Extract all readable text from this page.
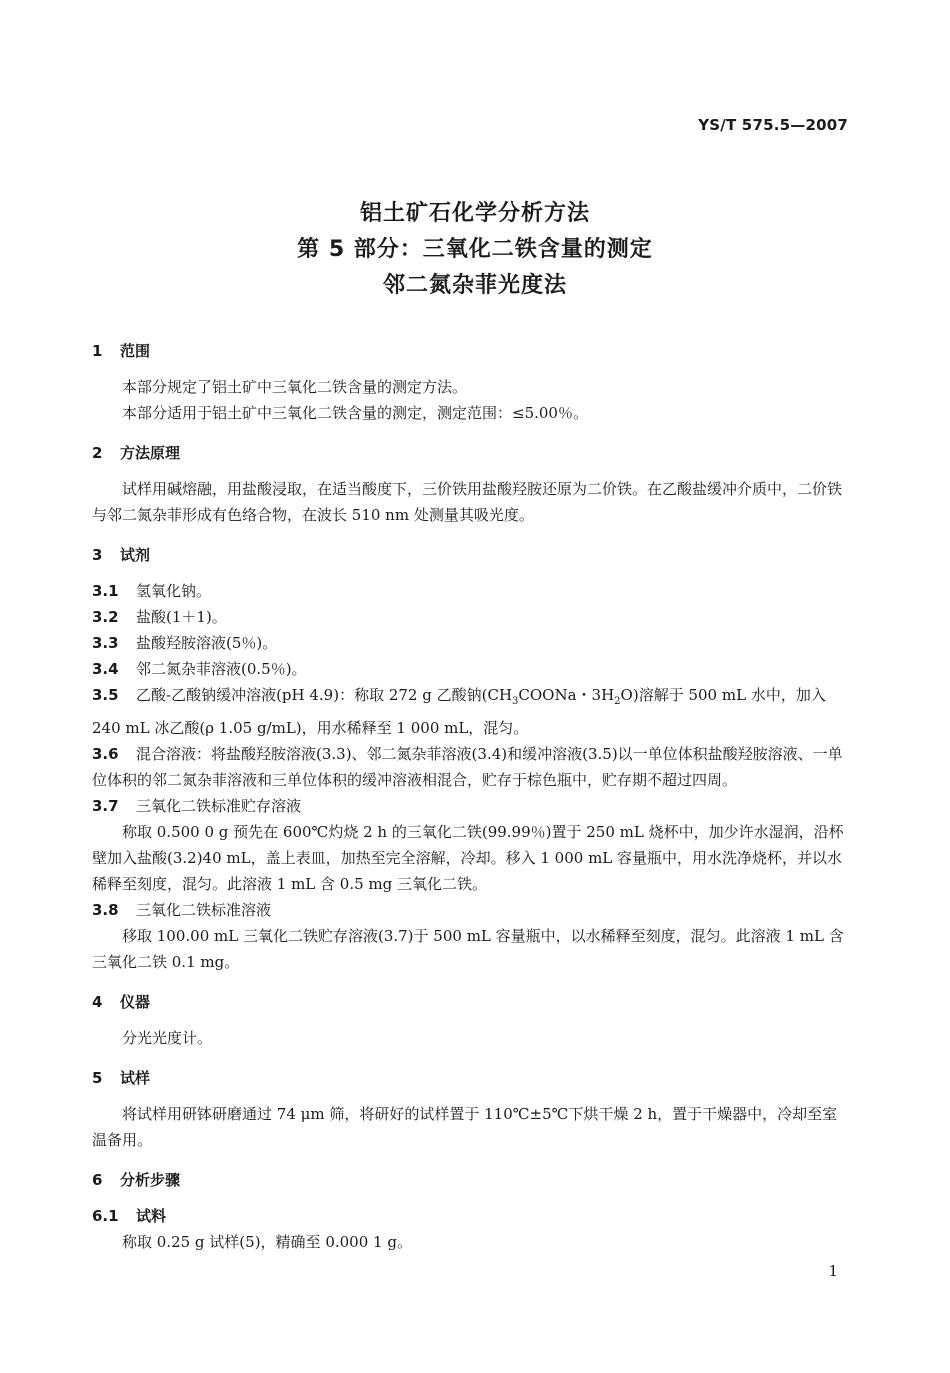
YS/T 575.5—2007
铝土矿石化学分析方法
第 5 部分：三氧化二铁含量的测定
邻二氮杂菲光度法
1 范围

本部分规定了铝土矿中三氧化二铁含量的测定方法。

本部分适用于铝土矿中三氧化二铁含量的测定，测定范围：≤5.00％。

2 方法原理

试样用碱熔融，用盐酸浸取，在适当酸度下，三价铁用盐酸羟胺还原为二价铁。在乙酸盐缓冲介质中，二价铁与邻二氮杂菲形成有色络合物，在波长 510 nm 处测量其吸光度。

3 试剂

3.1 氢氧化钠。

3.2 盐酸(1＋1)。

3.3 盐酸羟胺溶液(5％)。

3.4 邻二氮杂菲溶液(0.5％)。

3.5 乙酸-乙酸钠缓冲溶液(pH 4.9)：称取 272 g 乙酸钠($CH_3COONa$・$3H_2O$)溶解于 500 mL 水中，加入 240 mL 冰乙酸(ρ 1.05 g/mL)，用水稀释至 1 000 mL，混匀。

3.6 混合溶液：将盐酸羟胺溶液(3.3)、邻二氮杂菲溶液(3.4)和缓冲溶液(3.5)以一单位体积盐酸羟胺溶液、一单位体积的邻二氮杂菲溶液和三单位体积的缓冲溶液相混合，贮存于棕色瓶中，贮存期不超过四周。

3.7 三氧化二铁标准贮存溶液

称取 0.500 0 g 预先在 600℃灼烧 2 h 的三氧化二铁(99.99％)置于 250 mL 烧杯中，加少许水湿润，沿杯壁加入盐酸(3.2)40 mL，盖上表皿，加热至完全溶解，冷却。移入 1 000 mL 容量瓶中，用水洗净烧杯，并以水稀释至刻度，混匀。此溶液 1 mL 含 0.5 mg 三氧化二铁。

3.8 三氧化二铁标准溶液

移取 100.00 mL 三氧化二铁贮存溶液(3.7)于 500 mL 容量瓶中，以水稀释至刻度，混匀。此溶液 1 mL 含三氧化二铁 0.1 mg。

4 仪器

分光光度计。

5 试样

将试样用研钵研磨通过 74 μm 筛，将研好的试样置于 110℃±5℃下烘干燥 2 h，置于干燥器中，冷却至室温备用。

6 分析步骤
6.1 试料

称取 0.25 g 试样(5)，精确至 0.000 1 g。

1
